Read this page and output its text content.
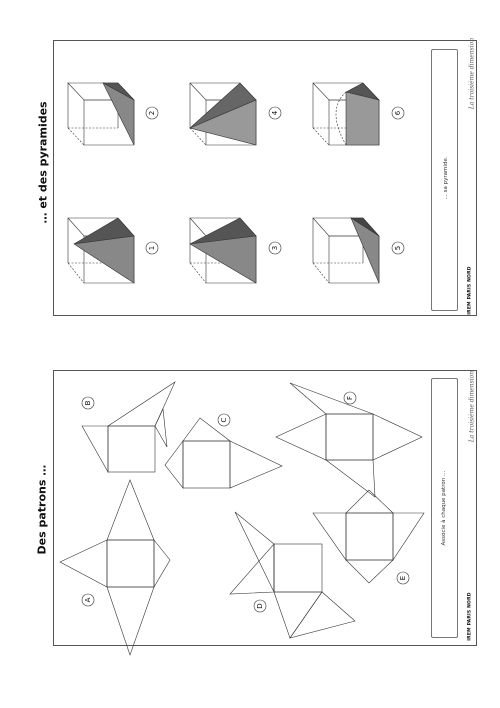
… et des pyramides	… sa pyramide.
La troisième dimension
IREM PARIS NORD
2
1
4
3
6
5
Des patrons …	Associe à chaque patron …
La troisième dimension
IREM PARIS NORD
B
A
C
D
F
E
